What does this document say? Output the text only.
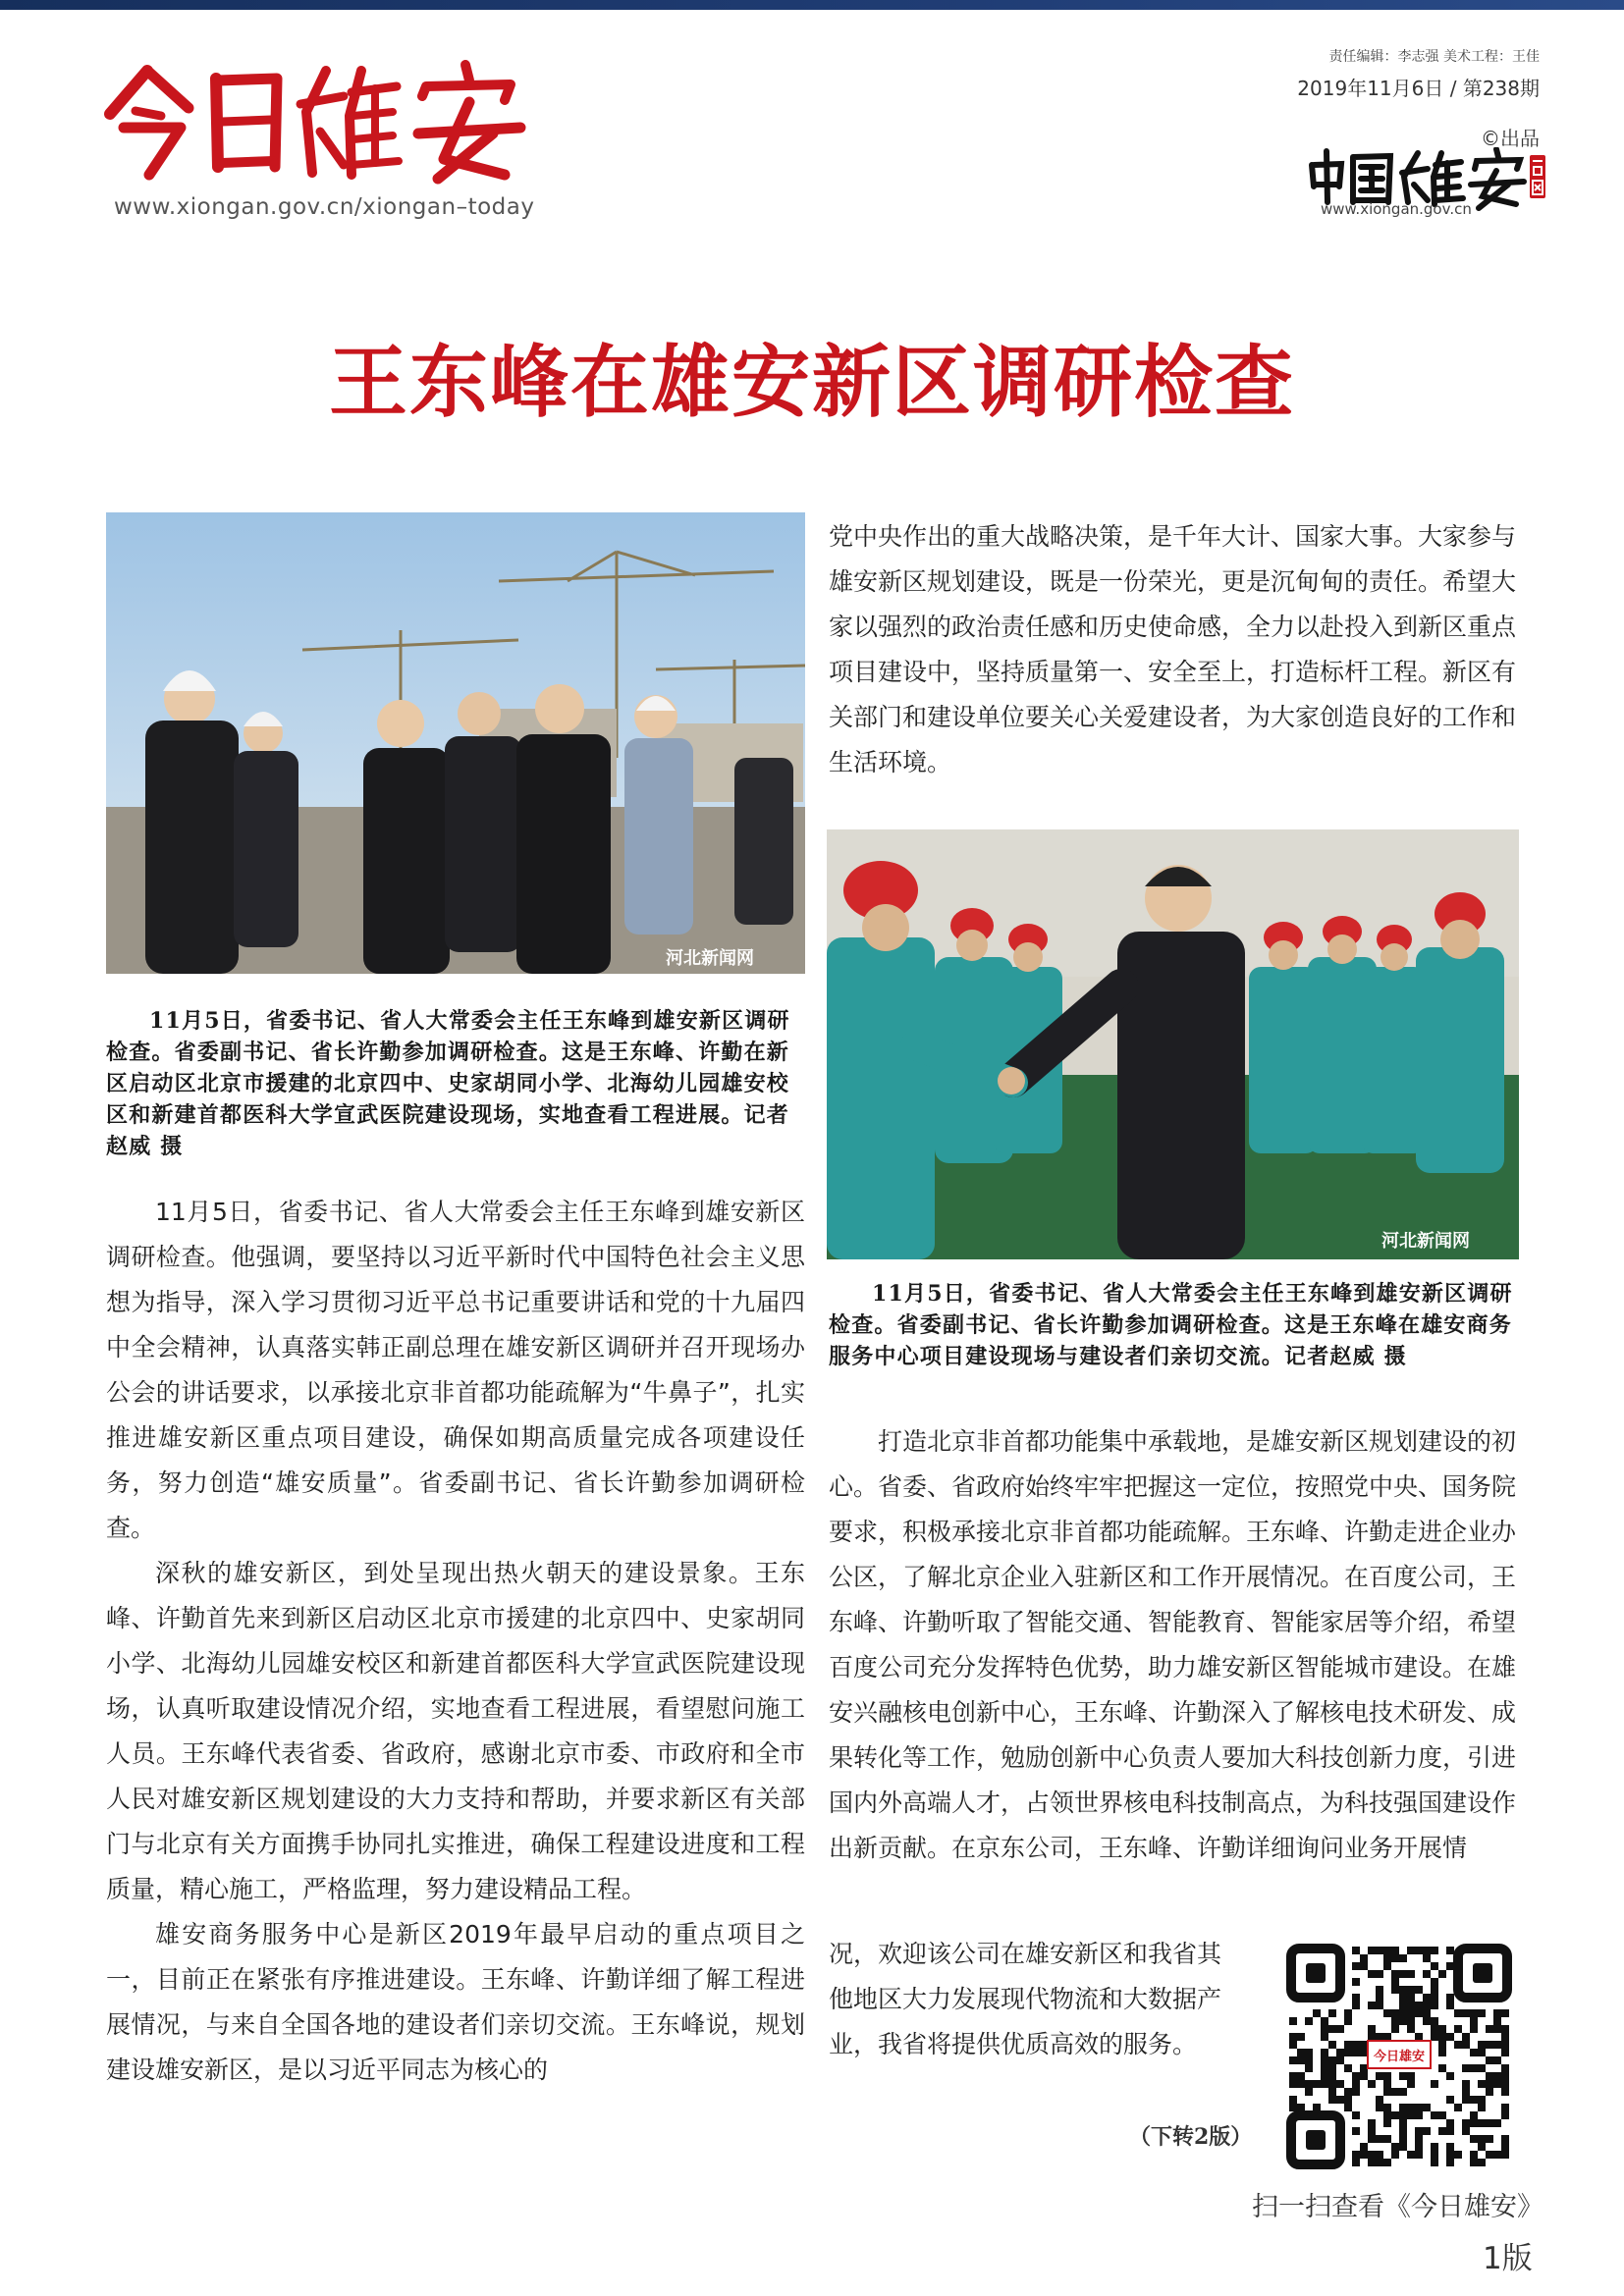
www.xiongan.gov.cn/xiongan–today
责任编辑：李志强 美术工程：王佳
2019年11月6日 / 第238期
©出品
www.xiongan.gov.cn
王东峰在雄安新区调研检查
河北新闻网

11月5日，省委书记、省人大常委会主任王东峰到雄安新区调研检查。省委副书记、省长许勤参加调研检查。这是王东峰、许勤在新区启动区北京市援建的北京四中、史家胡同小学、北海幼儿园雄安校区和新建首都医科大学宣武医院建设现场，实地查看工程进展。记者赵威 摄

11月5日，省委书记、省人大常委会主任王东峰到雄安新区调研检查。他强调，要坚持以习近平新时代中国特色社会主义思想为指导，深入学习贯彻习近平总书记重要讲话和党的十九届四中全会精神，认真落实韩正副总理在雄安新区调研并召开现场办公会的讲话要求，以承接北京非首都功能疏解为“牛鼻子”，扎实推进雄安新区重点项目建设，确保如期高质量完成各项建设任务，努力创造“雄安质量”。省委副书记、省长许勤参加调研检查。

深秋的雄安新区，到处呈现出热火朝天的建设景象。王东峰、许勤首先来到新区启动区北京市援建的北京四中、史家胡同小学、北海幼儿园雄安校区和新建首都医科大学宣武医院建设现场，认真听取建设情况介绍，实地查看工程进展，看望慰问施工人员。王东峰代表省委、省政府，感谢北京市委、市政府和全市人民对雄安新区规划建设的大力支持和帮助，并要求新区有关部门与北京有关方面携手协同扎实推进，确保工程建设进度和工程质量，精心施工，严格监理，努力建设精品工程。

雄安商务服务中心是新区2019年最早启动的重点项目之一，目前正在紧张有序推进建设。王东峰、许勤详细了解工程进展情况，与来自全国各地的建设者们亲切交流。王东峰说，规划建设雄安新区，是以习近平同志为核心的

党中央作出的重大战略决策，是千年大计、国家大事。大家参与雄安新区规划建设，既是一份荣光，更是沉甸甸的责任。希望大家以强烈的政治责任感和历史使命感，全力以赴投入到新区重点项目建设中，坚持质量第一、安全至上，打造标杆工程。新区有关部门和建设单位要关心关爱建设者，为大家创造良好的工作和生活环境。

河北新闻网

11月5日，省委书记、省人大常委会主任王东峰到雄安新区调研检查。省委副书记、省长许勤参加调研检查。这是王东峰在雄安商务服务中心项目建设现场与建设者们亲切交流。记者赵威 摄

打造北京非首都功能集中承载地，是雄安新区规划建设的初心。省委、省政府始终牢牢把握这一定位，按照党中央、国务院要求，积极承接北京非首都功能疏解。王东峰、许勤走进企业办公区，了解北京企业入驻新区和工作开展情况。在百度公司，王东峰、许勤听取了智能交通、智能教育、智能家居等介绍，希望百度公司充分发挥特色优势，助力雄安新区智能城市建设。在雄安兴融核电创新中心，王东峰、许勤深入了解核电技术研发、成果转化等工作，勉励创新中心负责人要加大科技创新力度，引进国内外高端人才，占领世界核电科技制高点，为科技强国建设作出新贡献。在京东公司，王东峰、许勤详细询问业务开展情

况，欢迎该公司在雄安新区和我省其他地区大力发展现代物流和大数据产业，我省将提供优质高效的服务。

（下转2版）
今日雄安
扫一扫查看《今日雄安》
1版
